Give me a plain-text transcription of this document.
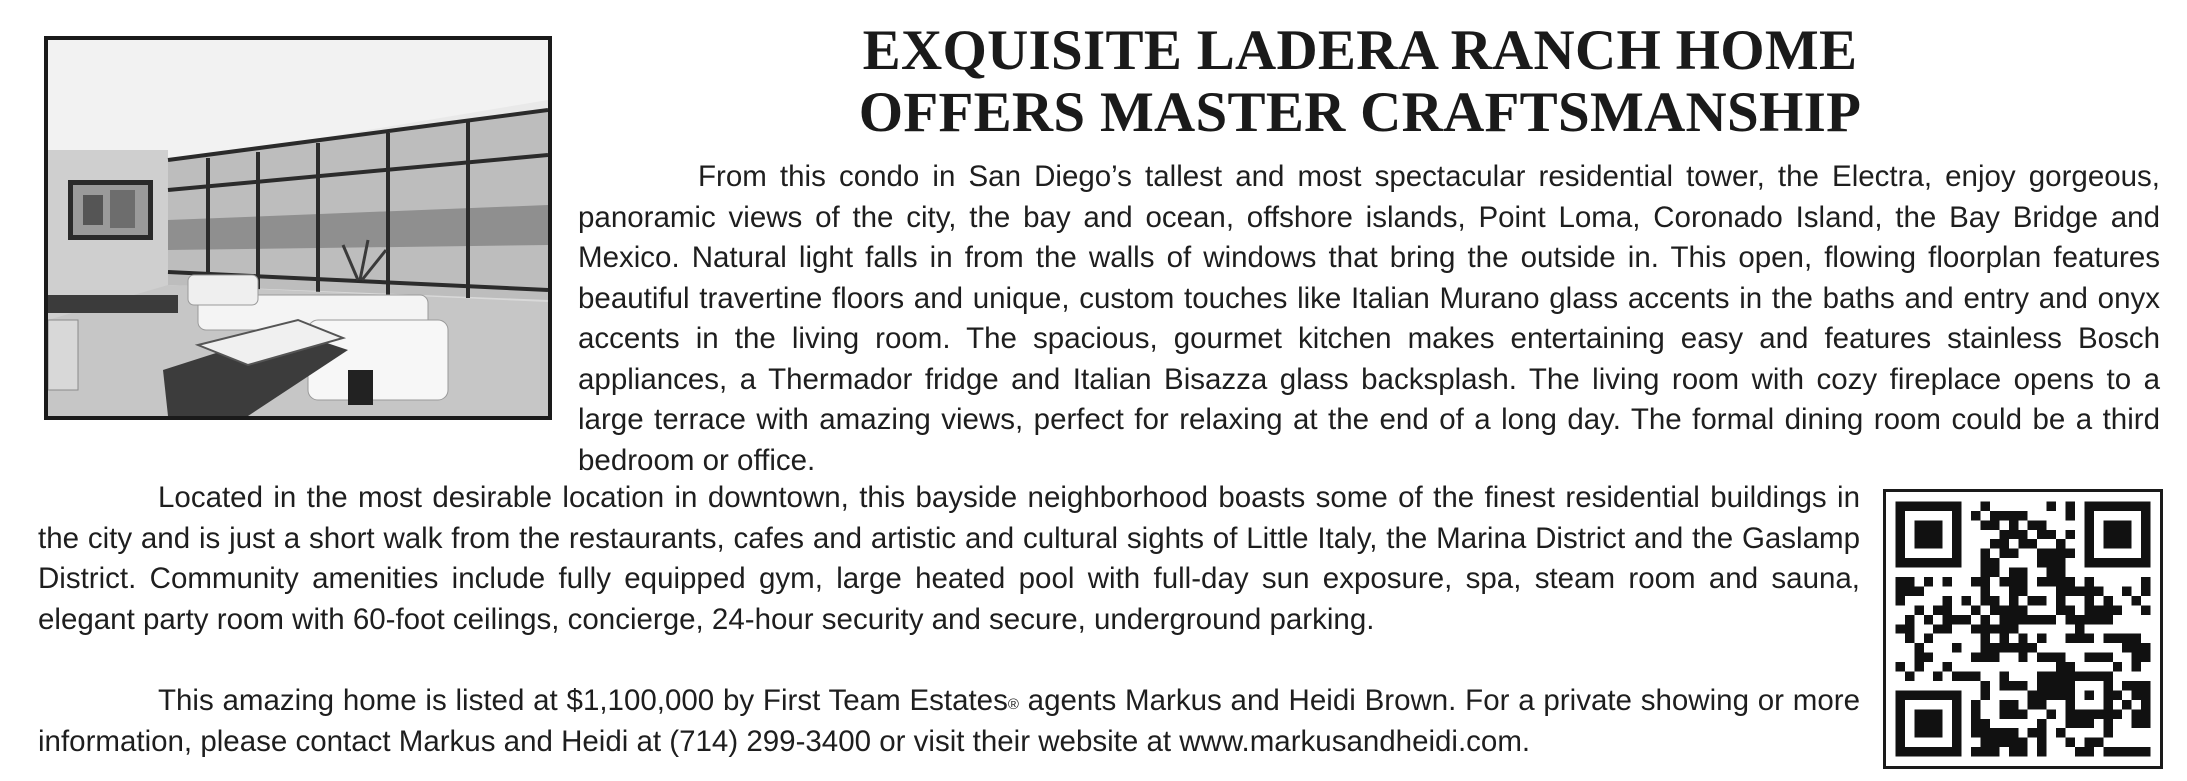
EXQUISITE LADERA RANCH HOME
OFFERS MASTER CRAFTSMANSHIP

From this condo in San Diego’s tallest and most spectacular residential tower, the Electra, enjoy gorgeous, panoramic views of the city, the bay and ocean, offshore islands, Point Loma, Coronado Island, the Bay Bridge and Mexico. Natural light falls in from the walls of windows that bring the outside in. This open, flowing floorplan features beautiful travertine floors and unique, custom touches like Italian Murano glass accents in the baths and entry and onyx accents in the living room. The spacious, gourmet kitchen makes entertaining easy and features stainless Bosch appliances, a Thermador fridge and Italian Bisazza glass backsplash. The living room with cozy fireplace opens to a large terrace with amazing views, perfect for relaxing at the end of a long day. The formal dining room could be a third bedroom or office.

Located in the most desirable location in downtown, this bayside neighborhood boasts some of the finest residential buildings in the city and is just a short walk from the restaurants, cafes and artistic and cultural sights of Little Italy, the Marina District and the Gaslamp District. Community amenities include fully equipped gym, large heated pool with full-day sun exposure, spa, steam room and sauna, elegant party room with 60-foot ceilings, concierge, 24-hour security and secure, underground parking.

This amazing home is listed at $1,100,000 by First Team Estates® agents Markus and Heidi Brown. For a private showing or more information, please contact Markus and Heidi at (714) 299-3400 or visit their website at www.markusandheidi.com.
